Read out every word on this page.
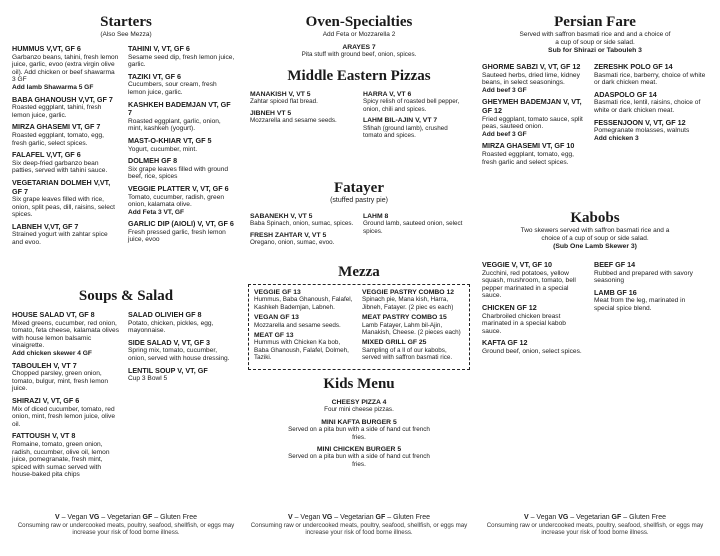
Starters
(Also See Mezza)
HUMMUS V,VT, GF 6
Garbanzo beans, tahini, fresh lemon juice, garlic, evoo (extra virgin olive oil). Add chicken or beef shawarma 3 GF
Add lamb Shawarma 5 GF
BABA GHANOUSH V,VT, GF 7
Roasted eggplant, tahini, fresh lemon juice, garlic.
MIRZA GHASEMI VT, GF 7
Roasted eggplant, tomato, egg, fresh garlic, select spices.
FALAFEL V,VT, GF 6
Six deep-fried garbanzo bean patties, served with tahini sauce.
VEGETARIAN DOLMEH V,VT, GF 7
Six grape leaves filled with rice, onion, split peas, dill, raisins, select spices.
LABNEH V,VT, GF 7
Strained yogurt with zahtar spice and evoo.
TAHINI V, VT, GF 6
Sesame seed dip, fresh lemon juice, garlic.
TAZIKI VT, GF 6
Cucumbers, sour cream, fresh lemon juice, garlic.
KASHKEH BADEMJAN VT, GF 7
Roasted eggplant, garlic, onion, mint, kashkeh (yogurt).
MAST-O-KHIAR VT, GF 5
Yogurt, cucumber, mint.
DOLMEH GF 8
Six grape leaves filled with ground beef, rice, spices
VEGGIE PLATTER V, VT, GF 6
Tomato, cucumber, radish, green onion, kalamata olive.
Add Feta 3 VT, GF
GARLIC DIP (AIOLI) V, VT, GF 6
Fresh pressed garlic, fresh lemon juice, evoo
Soups & Salad
HOUSE SALAD VT, GF 8
Mixed greens, cucumber, red onion, tomato, feta cheese, kalamata olives with house lemon balsamic vinaigrette.
Add chicken skewer 4 GF
TABOULEH V, VT 7
Chopped parsley, green onion, tomato, bulgur, mint, fresh lemon juice.
SHIRAZI V, VT, GF 6
Mix of diced cucumber, tomato, red onion, mint, fresh lemon juice, olive oil.
FATTOUSH V, VT 8
Romaine, tomato, green onion, radish, cucumber, olive oil, lemon juice, pomegranate, fresh mint, spiced with sumac served with house-baked pita chips
SALAD OLIVIEH GF 8
Potato, chicken, pickles, egg, mayonnaise.
SIDE SALAD V, VT, GF 3
Spring mix, tomato, cucumber, onion, served with house dressing.
LENTIL SOUP V, VT, GF
Cup 3 Bowl 5
V – Vegan VG – Vegetarian GF – Gluten Free
Consuming raw or undercooked meats, poultry, seafood, shellfish, or eggs may increase your risk of food borne illness.
Oven-Specialties
Add Feta or Mozzarella 2
ARAYES 7
Pita stuff with ground beef, onion, spices.
Middle Eastern Pizzas
MANAKISH V, VT 5
Zahtar spiced flat bread.
JIBNEH VT 5
Mozzarella and sesame seeds.
HARRA V, VT 6
Spicy relish of roasted bell pepper, onion, chili and spices.
LAHM BIL-AJIN V, VT 7
Sfihah (ground lamb), crushed tomato and spices.
Fatayer
(stuffed pastry pie)
SABANEKH V, VT 5
Baba Spinach, onion, sumac, spices.
FRESH ZAHTAR V, VT 5
Oregano, onion, sumac, evoo.
LAHM 8
Ground lamb, sauteed onion, select spices.
Mezza
VEGGIE GF 13
Hummus, Baba Ghanoush, Falafel, Kashkeh Bademjan, Labneh.
VEGAN GF 13
Mozzarella and sesame seeds.
MEAT GF 13
Hummus with Chicken Ka bob, Baba Ghanoush, Falafel, Dolmeh, Taziki.
VEGGIE PASTRY COMBO 12
Spinach pie, Mana kish, Harra, Jibneh, Fatayer. (2 piec es each)
MEAT PASTRY COMBO 15
Lamb Fatayer, Lahm bil-Ajin, Manakish, Cheese. (2 pieces each)
MIXED GRILL GF 25
Sampling of a ll of our kabobs, served with saffron basmati rice.
Kids Menu
CHEESY PIZZA 4
Four mini cheese pizzas.
MINI KAFTA BURGER 5
Served on a pita bun with a side of hand cut french fries.
MINI CHICKEN BURGER 5
Served on a pita bun with a side of hand cut french fries.
V – Vegan VG – Vegetarian GF – Gluten Free
Consuming raw or undercooked meats, poultry, seafood, shellfish, or eggs may increase your risk of food borne illness.
Persian Fare
Served with saffron basmati rice and and a choice of a cup of soup or side salad.
Sub for Shirazi or Tabouleh 3
GHORME SABZI V, VT, GF 12
Sauteed herbs, dried lime, kidney beans, in select seasonings.
Add beef 3 GF
GHEYMEH BADEMJAN V, VT, GF 12
Fried eggplant, tomato sauce, split peas, sauteed onion.
Add beef 3 GF
MIRZA GHASEMI VT, GF 10
Roasted eggplant, tomato, egg, fresh garlic and select spices.
ZERESHK POLO GF 14
Basmati rice, barberry, choice of white or dark chicken meat.
ADASPOLO GF 14
Basmati rice, lentil, raisins, choice of white or dark chicken meat.
FESSENJOON V, VT, GF 12
Pomegranate molasses, walnuts
Add chicken 3
Kabobs
Two skewers served with saffron basmati rice and a choice of a cup of soup or side salad.
(Sub One Lamb Skewer 3)
VEGGIE V, VT, GF 10
Zucchini, red potatoes, yellow squash, mushroom, tomato, bell pepper marinated in a special sauce.
CHICKEN GF 12
Charbroiled chicken breast marinated in a special kabob sauce.
KAFTA GF 12
Ground beef, onion, select spices.
BEEF GF 14
Rubbed and prepared with savory seasoning
LAMB GF 16
Meat from the leg, marinated in special spice blend.
V – Vegan VG – Vegetarian GF – Gluten Free
Consuming raw or undercooked meats, poultry, seafood, shellfish, or eggs may increase your risk of food borne illness.
